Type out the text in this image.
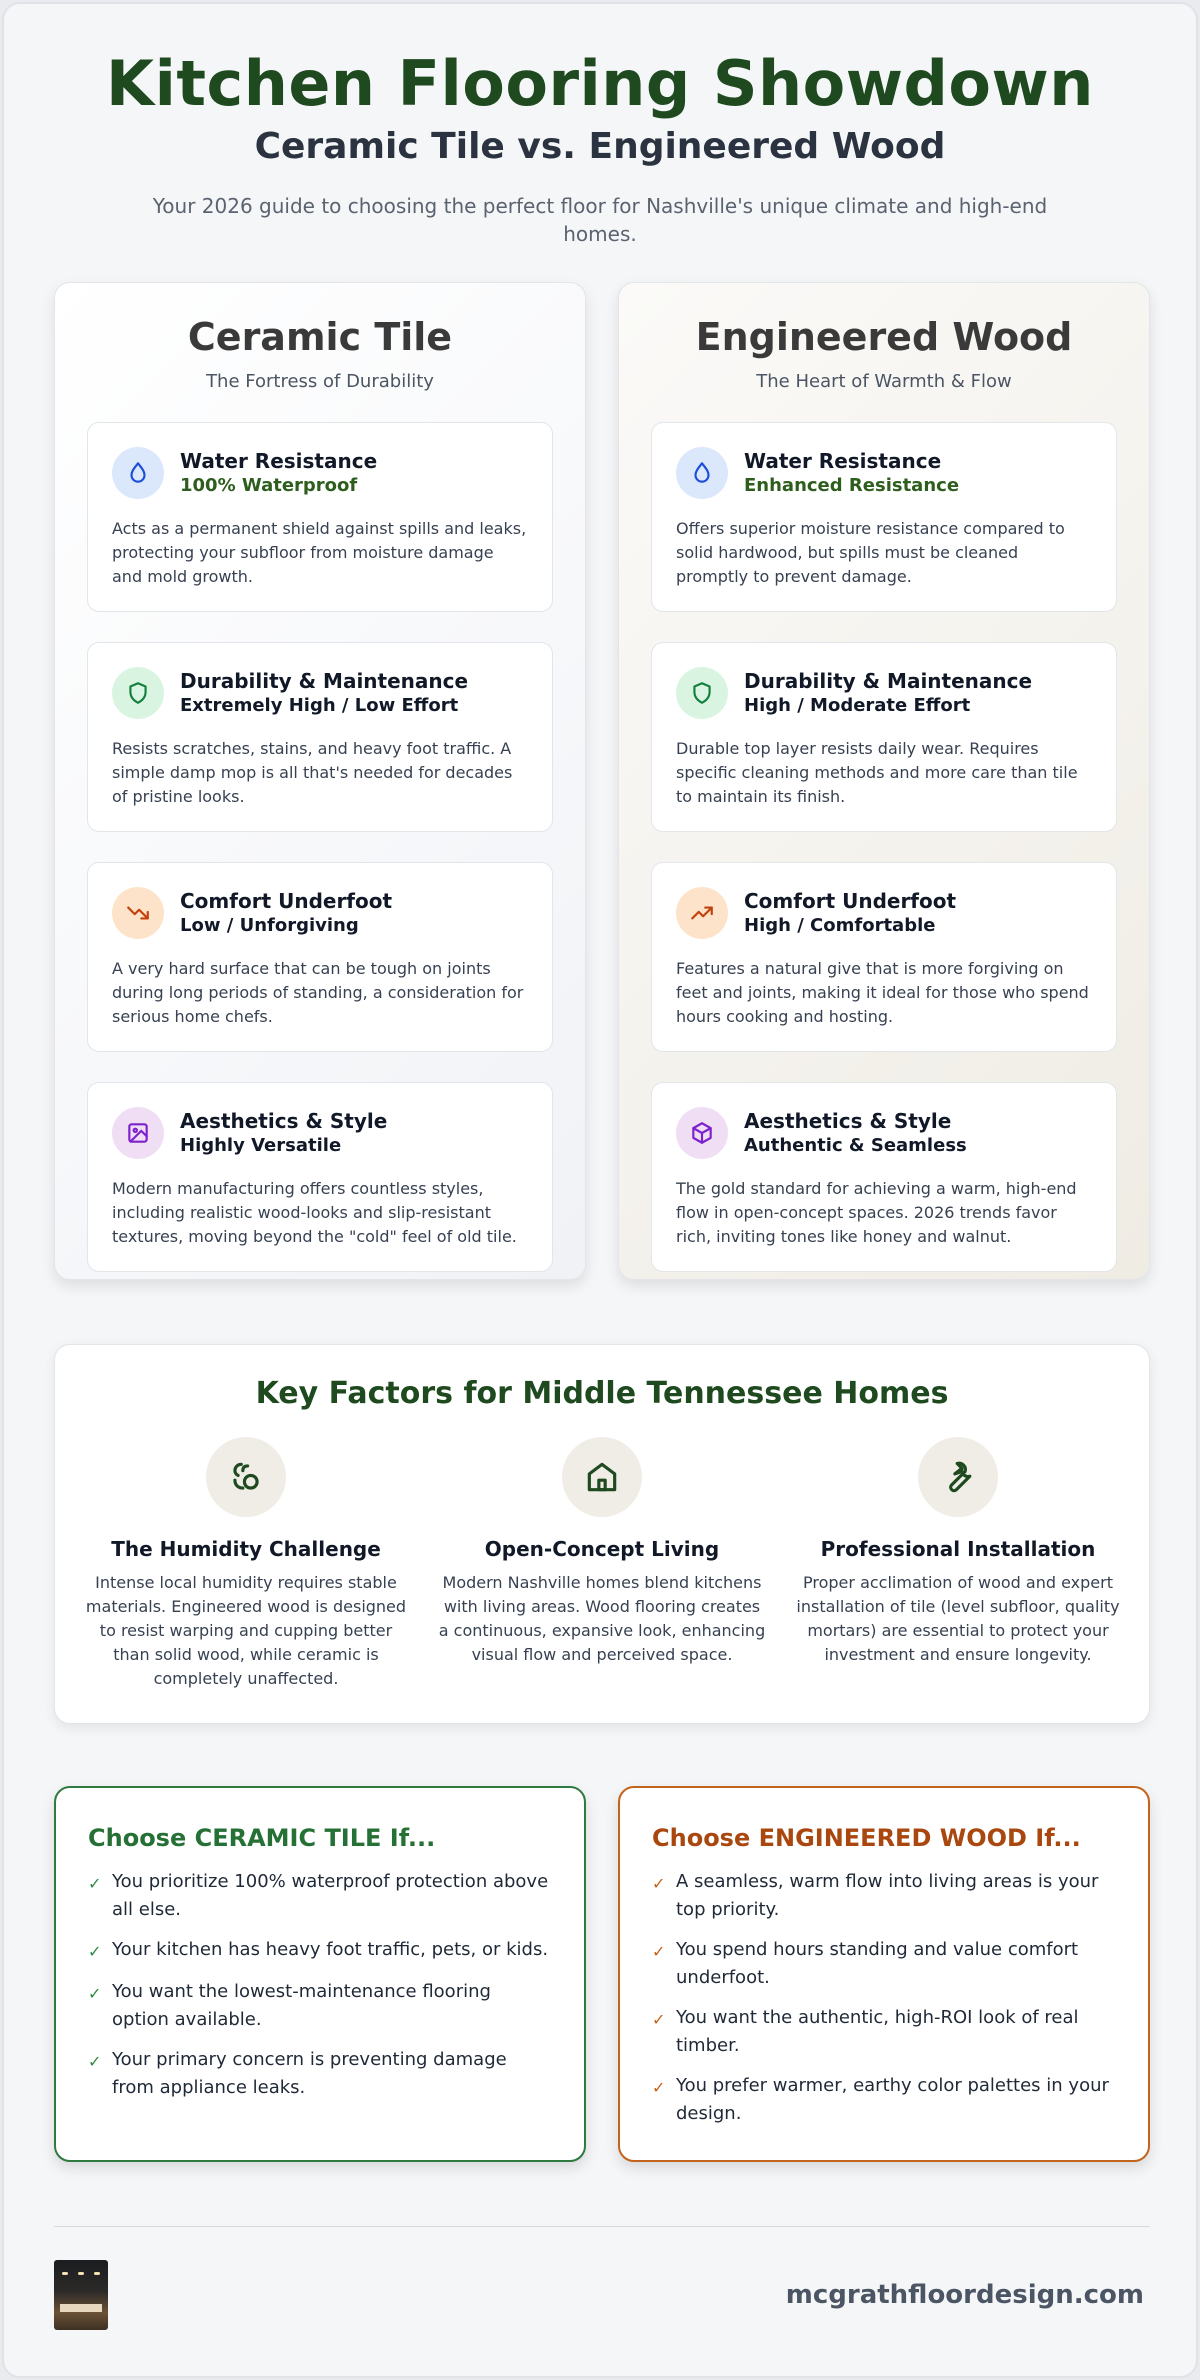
Kitchen Flooring Showdown
Ceramic Tile vs. Engineered Wood
Your 2026 guide to choosing the perfect floor for Nashville's unique climate and high-end homes.
Ceramic Tile
The Fortress of Durability
Water Resistance
100% Waterproof
Acts as a permanent shield against spills and leaks, protecting your subfloor from moisture damage and mold growth.
Durability & Maintenance
Extremely High / Low Effort
Resists scratches, stains, and heavy foot traffic. A simple damp mop is all that's needed for decades of pristine looks.
Comfort Underfoot
Low / Unforgiving
A very hard surface that can be tough on joints during long periods of standing, a consideration for serious home chefs.
Aesthetics & Style
Highly Versatile
Modern manufacturing offers countless styles, including realistic wood-looks and slip-resistant textures, moving beyond the "cold" feel of old tile.
Engineered Wood
The Heart of Warmth & Flow
Water Resistance
Enhanced Resistance
Offers superior moisture resistance compared to solid hardwood, but spills must be cleaned promptly to prevent damage.
Durability & Maintenance
High / Moderate Effort
Durable top layer resists daily wear. Requires specific cleaning methods and more care than tile to maintain its finish.
Comfort Underfoot
High / Comfortable
Features a natural give that is more forgiving on feet and joints, making it ideal for those who spend hours cooking and hosting.
Aesthetics & Style
Authentic & Seamless
The gold standard for achieving a warm, high-end flow in open-concept spaces. 2026 trends favor rich, inviting tones like honey and walnut.
Key Factors for Middle Tennessee Homes
The Humidity Challenge
Intense local humidity requires stable materials. Engineered wood is designed to resist warping and cupping better than solid wood, while ceramic is completely unaffected.
Open-Concept Living
Modern Nashville homes blend kitchens with living areas. Wood flooring creates a continuous, expansive look, enhancing visual flow and perceived space.
Professional Installation
Proper acclimation of wood and expert installation of tile (level subfloor, quality mortars) are essential to protect your investment and ensure longevity.
Choose CERAMIC TILE If...
✓ You prioritize 100% waterproof protection above all else.
✓ Your kitchen has heavy foot traffic, pets, or kids.
✓ You want the lowest-maintenance flooring option available.
✓ Your primary concern is preventing damage from appliance leaks.
Choose ENGINEERED WOOD If...
✓ A seamless, warm flow into living areas is your top priority.
✓ You spend hours standing and value comfort underfoot.
✓ You want the authentic, high-ROI look of real timber.
✓ You prefer warmer, earthy color palettes in your design.
mcgrathfloordesign.com
